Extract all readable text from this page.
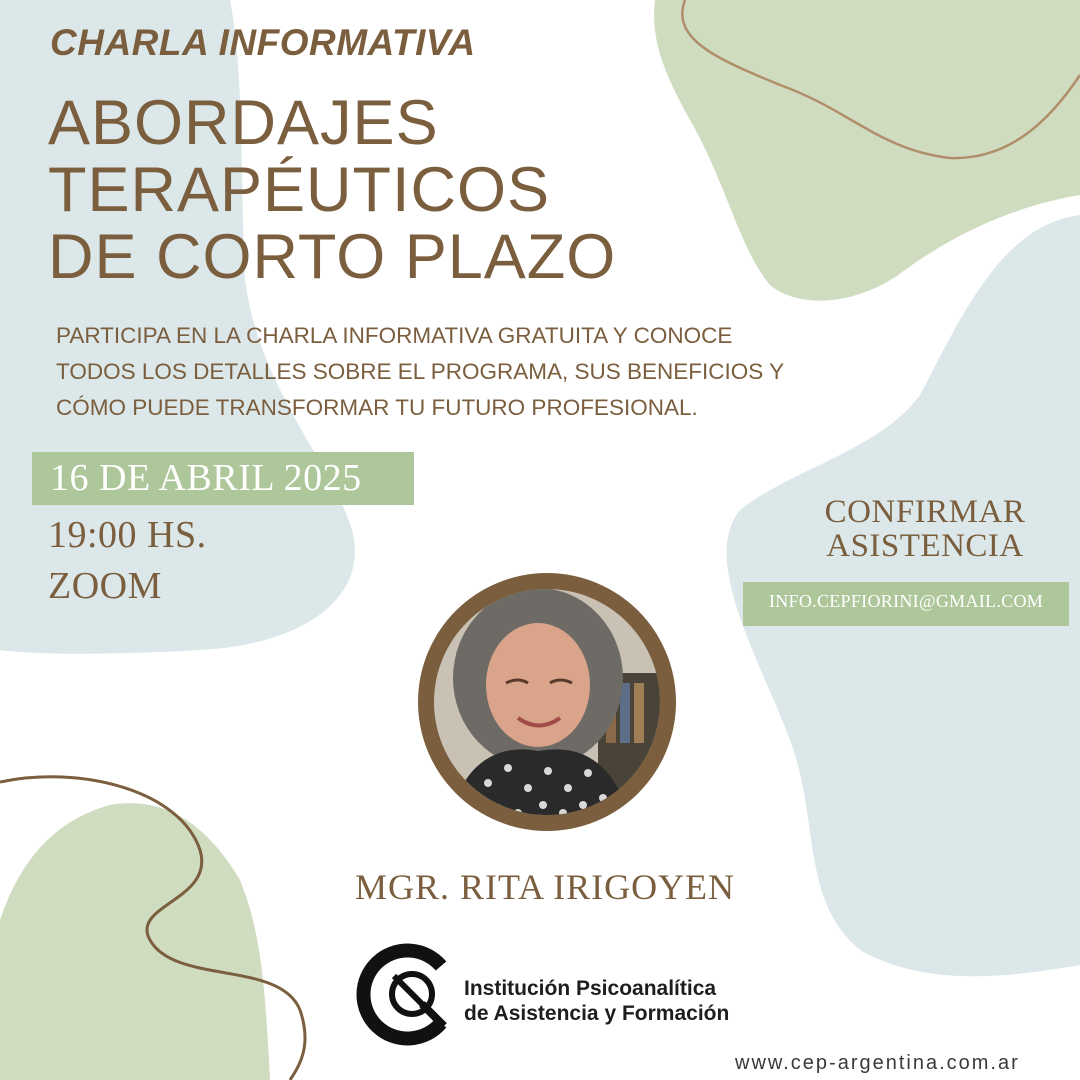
CHARLA INFORMATIVA
ABORDAJES
TERAPÉUTICOS
DE CORTO PLAZO
PARTICIPA EN LA CHARLA INFORMATIVA GRATUITA Y CONOCE
TODOS LOS DETALLES SOBRE EL PROGRAMA, SUS BENEFICIOS Y
CÓMO PUEDE TRANSFORMAR TU FUTURO PROFESIONAL.
16 DE ABRIL 2025
19:00 HS.
ZOOM
CONFIRMAR
ASISTENCIA
INFO.CEPFIORINI@GMAIL.COM
MGR. RITA IRIGOYEN
Institución Psicoanalítica
de Asistencia y Formación
www.cep-argentina.com.ar
